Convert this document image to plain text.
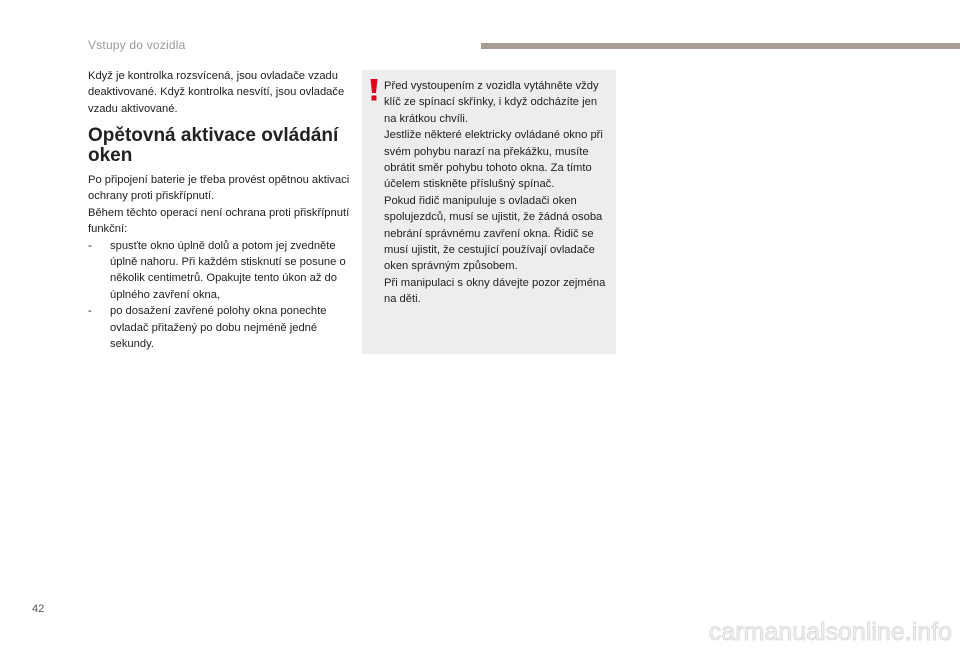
Vstupy do vozidla

Když je kontrolka rozsvícená, jsou ovladače vzadu deaktivované. Když kontrolka nesvítí, jsou ovladače vzadu aktivované.

Opětovná aktivace ovládání oken

Po připojení baterie je třeba provést opětnou aktivaci ochrany proti přiskřípnutí.

Během těchto operací není ochrana proti přiskřípnutí funkční:

- spusťte okno úplně dolů a potom jej zvedněte úplně nahoru. Při každém stisknutí se posune o několik centimetrů. Opakujte tento úkon až do úplného zavření okna,
- po dosažení zavřené polohy okna ponechte ovladač přitažený po dobu nejméně jedné sekundy.

Před vystoupením z vozidla vytáhněte vždy klíč ze spínací skřínky, i když odcházíte jen na krátkou chvíli.
Jestliže některé elektricky ovládané okno při svém pohybu narazí na překážku, musíte obrátit směr pohybu tohoto okna. Za tímto účelem stiskněte příslušný spínač.
Pokud řidič manipuluje s ovladači oken spolujezdců, musí se ujistit, že žádná osoba nebrání správnému zavření okna. Řidič se musí ujistit, že cestující používají ovladače oken správným způsobem.
Při manipulaci s okny dávejte pozor zejména na děti.

42
carmanualsonline.info
